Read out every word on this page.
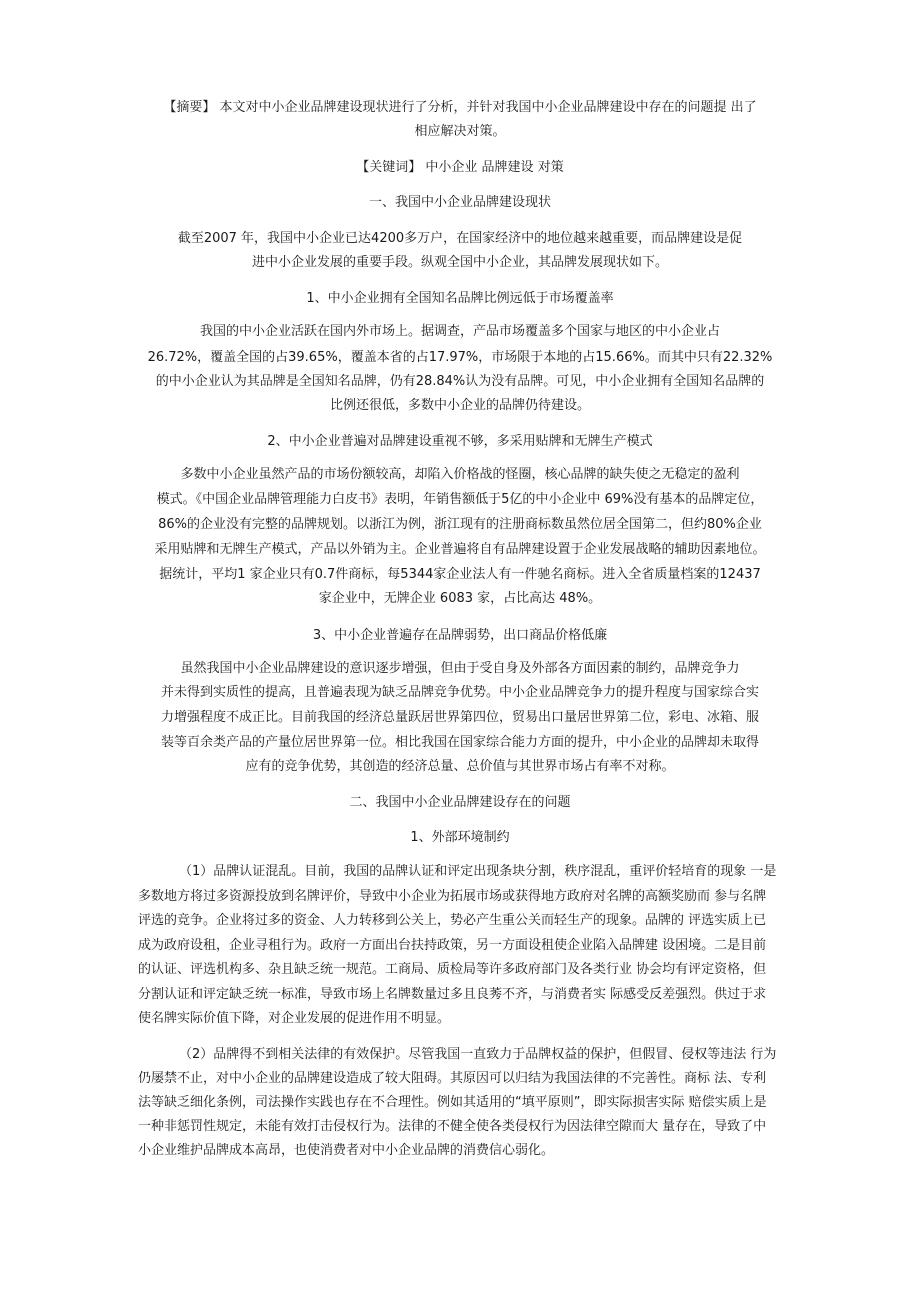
【摘要】 本文对中小企业品牌建设现状进行了分析，并针对我国中小企业品牌建设中存在的问题提 出了
相应解决对策。
【关键词】 中小企业 品牌建设 对策
一、我国中小企业品牌建设现状
截至2007 年，我国中小企业已达4200多万户，在国家经济中的地位越来越重要，而品牌建设是促
进中小企业发展的重要手段。纵观全国中小企业，其品牌发展现状如下。
1、中小企业拥有全国知名品牌比例远低于市场覆盖率
我国的中小企业活跃在国内外市场上。据调查，产品市场覆盖多个国家与地区的中小企业占
26.72%，覆盖全国的占39.65%，覆盖本省的占17.97%，市场限于本地的占15.66%。而其中只有22.32%
的中小企业认为其品牌是全国知名品牌，仍有28.84%认为没有品牌。可见，中小企业拥有全国知名品牌的
比例还很低，多数中小企业的品牌仍待建设。
2、中小企业普遍对品牌建设重视不够，多采用贴牌和无牌生产模式
多数中小企业虽然产品的市场份额较高，却陷入价格战的怪圈，核心品牌的缺失使之无稳定的盈利
模式。《中国企业品牌管理能力白皮书》表明，年销售额低于5亿的中小企业中 69%没有基本的品牌定位，
86%的企业没有完整的品牌规划。以浙江为例，浙江现有的注册商标数虽然位居全国第二，但约80%企业
采用贴牌和无牌生产模式，产品以外销为主。企业普遍将自有品牌建设置于企业发展战略的辅助因素地位。
据统计，平均1 家企业只有0.7件商标，每5344家企业法人有一件驰名商标。进入全省质量档案的12437
家企业中，无牌企业 6083 家，占比高达 48%。
3、中小企业普遍存在品牌弱势，出口商品价格低廉
虽然我国中小企业品牌建设的意识逐步增强，但由于受自身及外部各方面因素的制约，品牌竞争力
并未得到实质性的提高，且普遍表现为缺乏品牌竞争优势。中小企业品牌竞争力的提升程度与国家综合实
力增强程度不成正比。目前我国的经济总量跃居世界第四位，贸易出口量居世界第二位，彩电、冰箱、服
装等百余类产品的产量位居世界第一位。相比我国在国家综合能力方面的提升，中小企业的品牌却未取得
应有的竞争优势，其创造的经济总量、总价值与其世界市场占有率不对称。
二、我国中小企业品牌建设存在的问题
1、外部环境制约
（1）品牌认证混乱。目前，我国的品牌认证和评定出现条块分割，秩序混乱，重评价轻培育的现象 一是
多数地方将过多资源投放到名牌评价，导致中小企业为拓展市场或获得地方政府对名牌的高额奖励而 参与名牌
评选的竞争。企业将过多的资金、人力转移到公关上，势必产生重公关而轻生产的现象。品牌的 评选实质上已
成为政府设租，企业寻租行为。政府一方面出台扶持政策，另一方面设租使企业陷入品牌建 设困境。二是目前
的认证、评选机构多、杂且缺乏统一规范。工商局、质检局等许多政府部门及各类行业 协会均有评定资格，但
分割认证和评定缺乏统一标准，导致市场上名牌数量过多且良莠不齐，与消费者实 际感受反差强烈。供过于求
使名牌实际价值下降，对企业发展的促进作用不明显。
（2）品牌得不到相关法律的有效保护。尽管我国一直致力于品牌权益的保护，但假冒、侵权等违法 行为
仍屡禁不止，对中小企业的品牌建设造成了较大阻碍。其原因可以归结为我国法律的不完善性。商标 法、专利
法等缺乏细化条例，司法操作实践也存在不合理性。例如其适用的“填平原则”，即实际损害实际 赔偿实质上是
一种非惩罚性规定，未能有效打击侵权行为。法律的不健全使各类侵权行为因法律空隙而大 量存在，导致了中
小企业维护品牌成本高昂，也使消费者对中小企业品牌的消费信心弱化。
